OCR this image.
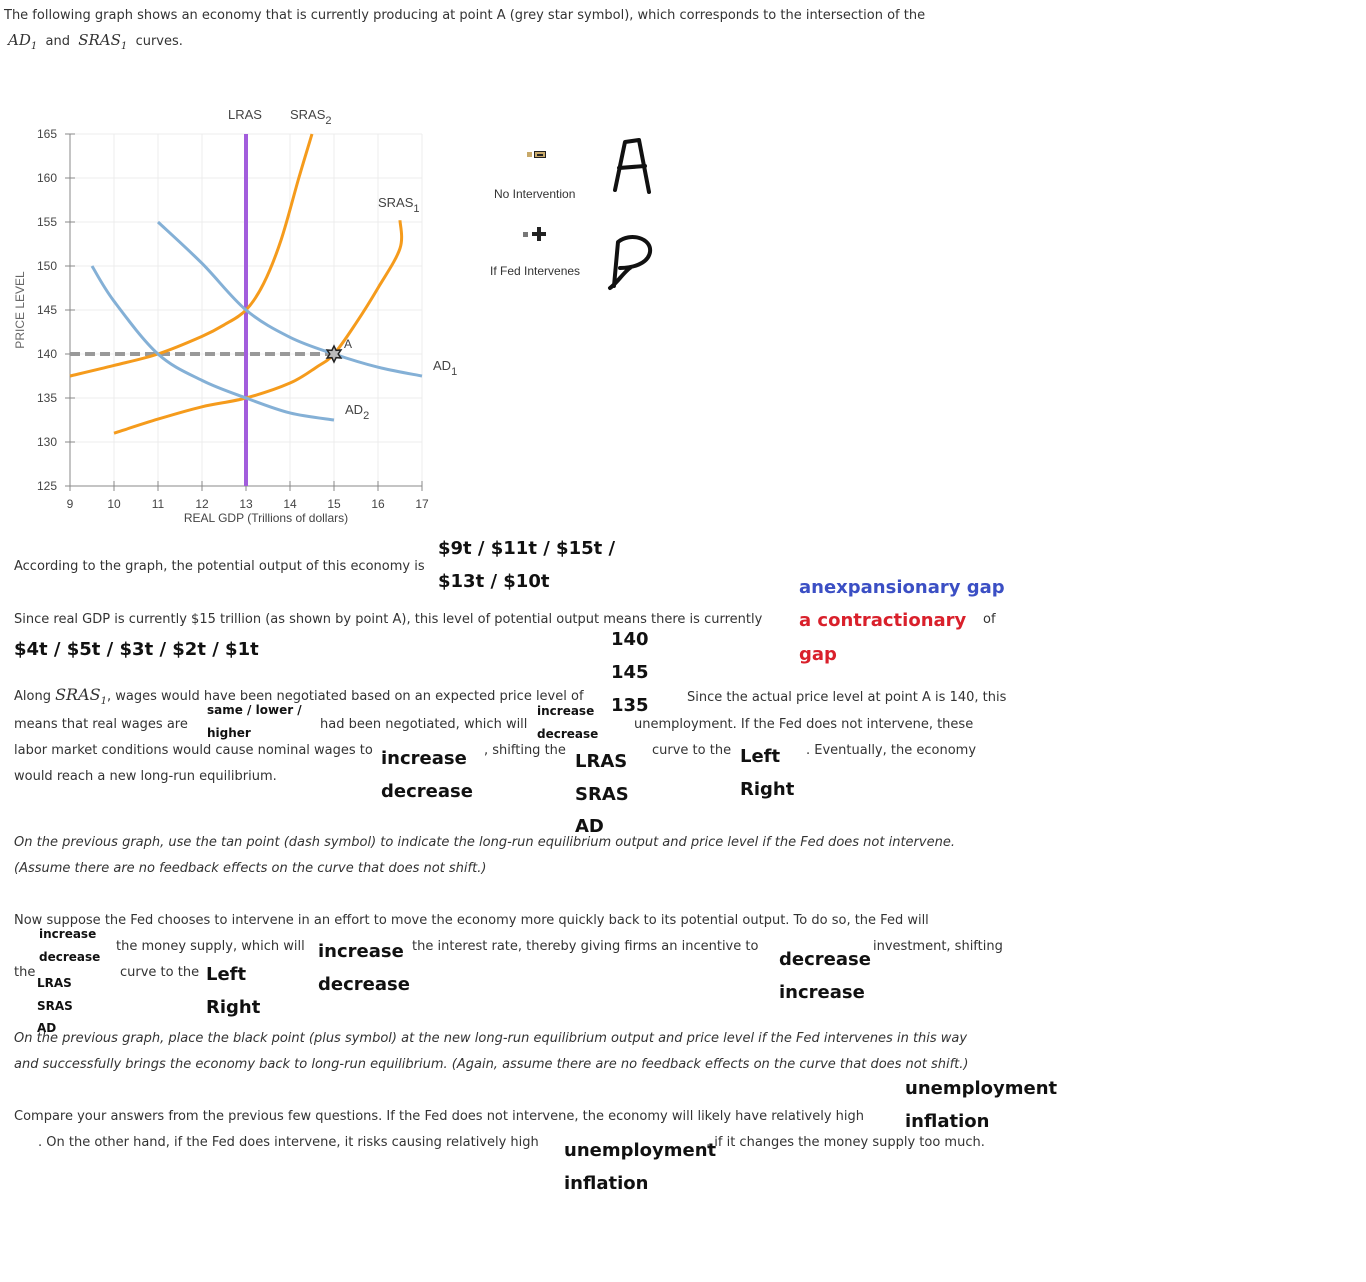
The following graph shows an economy that is currently producing at point A (grey star symbol), which corresponds to the intersection of the
$AD_1$ and $SRAS_1$ curves.
9	10	11	12	13	14	15	16	17
125
130
135
140
145
150
155
160
165
REAL GDP (Trillions of dollars)
PRICE LEVEL	A
LRAS $SRAS_2$
$SRAS_1$
$AD_1$
$AD_2$
No Intervention
If Fed Intervenes
According to the graph, the potential output of this economy is
$9t / $11t / $15t /
$13t / $10t	anexpansionary gap
Since real GDP is currently $15 trillion (as shown by point A), this level of potential output means there is currently a contractionary of
gap
$4t / $5t / $3t / $2t / $1t	140
145
135
Along $SRAS_1$, wages would have been negotiated based on an expected price level of	Since the actual price level at point A is 140, this
same / lower /	increase
means that real wages are	had been negotiated, which will	unemployment. If the Fed does not intervene, these
higher	decrease
labor market conditions would cause nominal wages to increase , shifting the
LRAS
curve to the Left . Eventually, the economy
would reach a new long-run equilibrium.
decrease	SRAS	Right
AD
On the previous graph, use the tan point (dash symbol) to indicate the long-run equilibrium output and price level if the Fed does not intervene.
(Assume there are no feedback effects on the curve that does not shift.)
Now suppose the Fed chooses to intervene in an effort to move the economy more quickly back to its potential output. To do so, the Fed will
increase
the money supply, which will increase the interest rate, thereby giving firms an incentive to
decrease
investment, shifting
decrease
the	curve to the Left
LRAS	decrease	increase
SRAS	Right
AD
On the previous graph, place the black point (plus symbol) at the new long-run equilibrium output and price level if the Fed intervenes in this way
and successfully brings the economy back to long-run equilibrium. (Again, assume there are no feedback effects on the curve that does not shift.)
unemployment
Compare your answers from the previous few questions. If the Fed does not intervene, the economy will likely have relatively high inflation
. On the other hand, if the Fed does intervene, it risks causing relatively high unemployment
, if it changes the money supply too much.
inflation
